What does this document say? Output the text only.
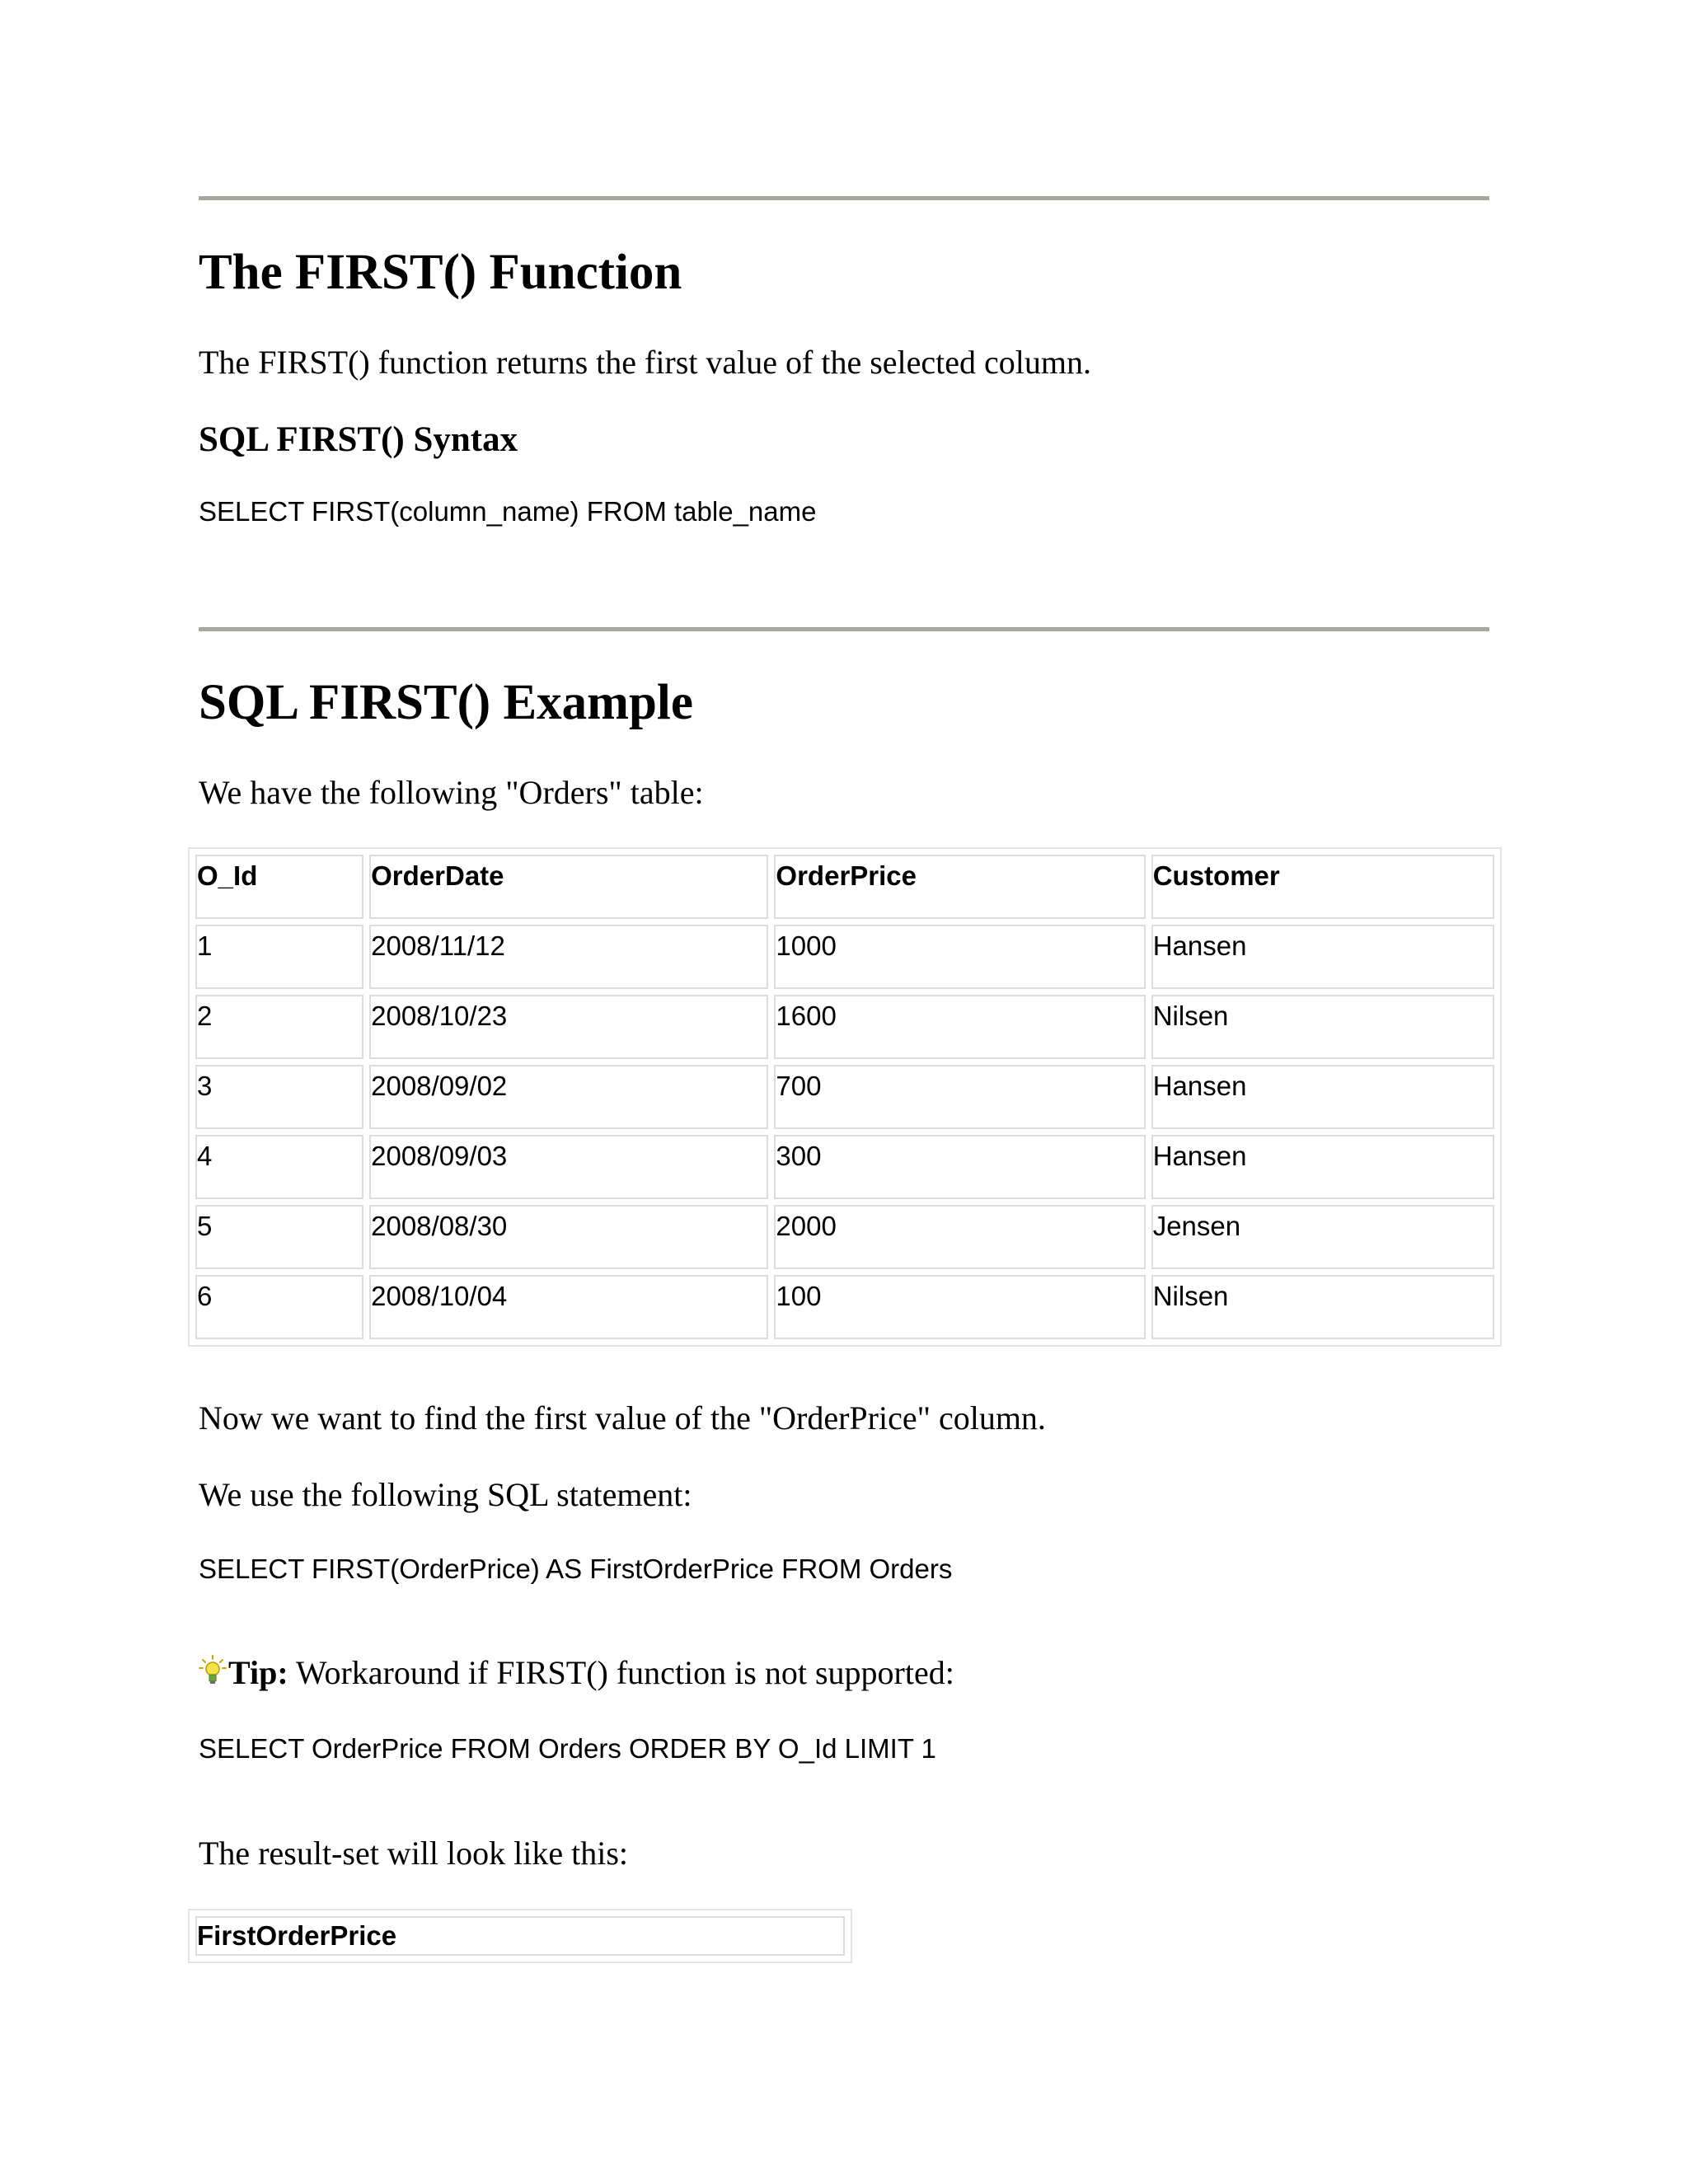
The FIRST() Function
The FIRST() function returns the first value of the selected column.
SQL FIRST() Syntax
SELECT FIRST(column_name) FROM table_name
SQL FIRST() Example
We have the following "Orders" table:
O_Id	OrderDate	OrderPrice	Customer
1	2008/11/12	1000	Hansen
2	2008/10/23	1600	Nilsen
3	2008/09/02	700	Hansen
4	2008/09/03	300	Hansen
5	2008/08/30	2000	Jensen
6	2008/10/04	100	Nilsen
Now we want to find the first value of the "OrderPrice" column.
We use the following SQL statement:
SELECT FIRST(OrderPrice) AS FirstOrderPrice FROM Orders
Tip: Workaround if FIRST() function is not supported:
SELECT OrderPrice FROM Orders ORDER BY O_Id LIMIT 1
The result-set will look like this:
FirstOrderPrice
